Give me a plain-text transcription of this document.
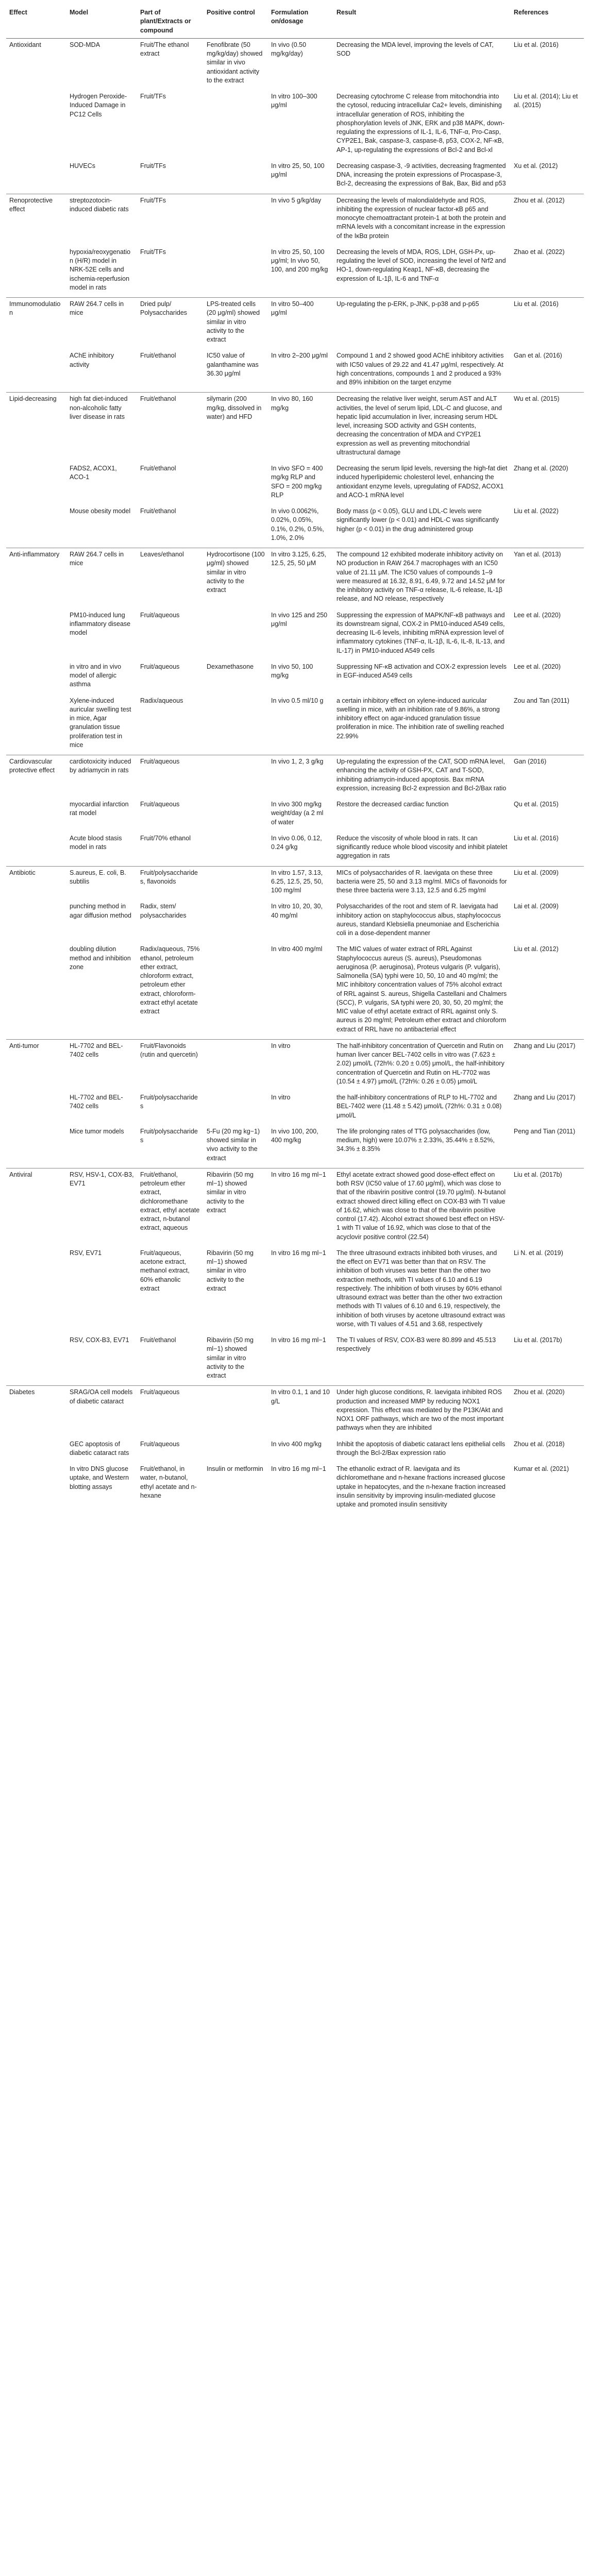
Effect	Model	Part of plant/Extracts or compound	Positive control	Formulation on/dosage	Result	References
Antioxidant	SOD-MDA	Fruit/The ethanol extract	Fenofibrate (50 mg/kg/day) showed similar in vivo antioxidant activity to the extract	In vivo (0.50 mg/kg/day)	Decreasing the MDA level, improving the levels of CAT, SOD	Liu et al. (2016)
	Hydrogen Peroxide-Induced Damage in PC12 Cells	Fruit/TFs		In vitro 100–300 μg/ml	Decreasing cytochrome C release from mitochondria into the cytosol, reducing intracellular Ca2+ levels, diminishing intracellular generation of ROS, inhibiting the phosphorylation levels of JNK, ERK and p38 MAPK, down-regulating the expressions of IL-1, IL-6, TNF-α, Pro-Casp, CYP2E1, Bak, caspase-3, caspase-8, p53, COX-2, NF-κB, AP-1, up-regulating the expressions of Bcl-2 and Bcl-xl	Liu et al. (2014); Liu et al. (2015)
	HUVECs	Fruit/TFs		In vitro 25, 50, 100 μg/ml	Decreasing caspase-3, -9 activities, decreasing fragmented DNA, increasing the protein expressions of Procaspase-3, Bcl-2, decreasing the expressions of Bak, Bax, Bid and p53	Xu et al. (2012)
Renoprotective effect	streptozotocin-induced diabetic rats	Fruit/TFs		In vivo 5 g/kg/day	Decreasing the levels of malondialdehyde and ROS, inhibiting the expression of nuclear factor-κB p65 and monocyte chemoattractant protein-1 at both the protein and mRNA levels with a concomitant increase in the expression of the IκBα protein	Zhou et al. (2012)
	hypoxia/reoxygenation (H/R) model in NRK-52E cells and ischemia-reperfusion model in rats	Fruit/TFs		In vitro 25, 50, 100 μg/ml; In vivo 50, 100, and 200 mg/kg	Decreasing the levels of MDA, ROS, LDH, GSH-Px, up-regulating the level of SOD, increasing the level of Nrf2 and HO-1, down-regulating Keap1, NF-κB, decreasing the expression of IL-1β, IL-6 and TNF-α	Zhao et al. (2022)
Immunomodulation	RAW 264.7 cells in mice	Dried pulp/ Polysaccharides	LPS-treated cells (20 μg/ml) showed similar in vitro activity to the extract	In vitro 50–400 μg/ml	Up-regulating the p-ERK, p-JNK, p-p38 and p-p65	Liu et al. (2016)
	AChE inhibitory activity	Fruit/ethanol	IC50 value of galanthamine was 36.30 μg/ml	In vitro 2–200 μg/ml	Compound 1 and 2 showed good AChE inhibitory activities with IC50 values of 29.22 and 41.47 μg/ml, respectively. At high concentrations, compounds 1 and 2 produced a 93% and 89% inhibition on the target enzyme	Gan et al. (2016)
Lipid-decreasing	high fat diet-induced non-alcoholic fatty liver disease in rats	Fruit/ethanol	silymarin (200 mg/kg, dissolved in water) and HFD	In vivo 80, 160 mg/kg	Decreasing the relative liver weight, serum AST and ALT activities, the level of serum lipid, LDL-C and glucose, and hepatic lipid accumulation in liver, increasing serum HDL level, increasing SOD activity and GSH contents, decreasing the concentration of MDA and CYP2E1 expression as well as preventing mitochondrial ultrastructural damage	Wu et al. (2015)
	FADS2, ACOX1, ACO-1	Fruit/ethanol		In vivo SFO = 400 mg/kg RLP and SFO = 200 mg/kg RLP	Decreasing the serum lipid levels, reversing the high-fat diet induced hyperlipidemic cholesterol level, enhancing the antioxidant enzyme levels, upregulating of FADS2, ACOX1 and ACO-1 mRNA level	Zhang et al. (2020)
	Mouse obesity model	Fruit/ethanol		In vivo 0.0062%, 0.02%, 0.05%, 0.1%, 0.2%, 0.5%, 1.0%, 2.0%	Body mass (p < 0.05), GLU and LDL-C levels were significantly lower (p < 0.01) and HDL-C was significantly higher (p < 0.01) in the drug administered group	Liu et al. (2022)
Anti-inflammatory	RAW 264.7 cells in mice	Leaves/ethanol	Hydrocortisone (100 μg/ml) showed similar in vitro activity to the extract	In vitro 3.125, 6.25, 12.5, 25, 50 μM	The compound 12 exhibited moderate inhibitory activity on NO production in RAW 264.7 macrophages with an IC50 value of 21.11 μM. The IC50 values of compounds 1–9 were measured at 16.32, 8.91, 6.49, 9.72 and 14.52 μM for the inhibitory activity on TNF-α release, IL-6 release, IL-1β release, and NO release, respectively	Yan et al. (2013)
	PM10-induced lung inflammatory disease model	Fruit/aqueous		In vivo 125 and 250 μg/ml	Suppressing the expression of MAPK/NF-κB pathways and its downstream signal, COX-2 in PM10-induced A549 cells, decreasing IL-6 levels, inhibiting mRNA expression level of inflammatory cytokines (TNF-α, IL-1β, IL-6, IL-8, IL-13, and IL-17) in PM10-induced A549 cells	Lee et al. (2020)
	in vitro and in vivo model of allergic asthma	Fruit/aqueous	Dexamethasone	In vivo 50, 100 mg/kg	Suppressing NF-κB activation and COX-2 expression levels in EGF-induced A549 cells	Lee et al. (2020)
	Xylene-induced auricular swelling test in mice, Agar granulation tissue proliferation test in mice	Radix/aqueous		In vivo 0.5 ml/10 g	a certain inhibitory effect on xylene-induced auricular swelling in mice, with an inhibition rate of 9.86%, a strong inhibitory effect on agar-induced granulation tissue proliferation in mice. The inhibition rate of swelling reached 22.99%	Zou and Tan (2011)
Cardiovascular protective effect	cardiotoxicity induced by adriamycin in rats	Fruit/aqueous		In vivo 1, 2, 3 g/kg	Up-regulating the expression of the CAT, SOD mRNA level, enhancing the activity of GSH-PX, CAT and T-SOD, inhibiting adriamycin-induced apoptosis. Bax mRNA expression, increasing Bcl-2 expression and Bcl-2/Bax ratio	Gan (2016)
	myocardial infarction rat model	Fruit/aqueous		In vivo 300 mg/kg weight/day (a 2 ml of water	Restore the decreased cardiac function	Qu et al. (2015)
	Acute blood stasis model in rats	Fruit/70% ethanol		In vivo 0.06, 0.12, 0.24 g/kg	Reduce the viscosity of whole blood in rats. It can significantly reduce whole blood viscosity and inhibit platelet aggregation in rats	Liu et al. (2016)
Antibiotic	S.aureus, E. coli, B. subtilis	Fruit/polysaccharides, flavonoids		In vitro 1.57, 3.13, 6.25, 12.5, 25, 50, 100 mg/ml	MICs of polysaccharides of R. laevigata on these three bacteria were 25, 50 and 3.13 mg/ml. MICs of flavonoids for these three bacteria were 3.13, 12.5 and 6.25 mg/ml	Liu et al. (2009)
	punching method in agar diffusion method	Radix, stem/ polysaccharides		In vitro 10, 20, 30, 40 mg/ml	Polysaccharides of the root and stem of R. laevigata had inhibitory action on staphylococcus albus, staphylococcus aureus, standard Klebsiella pneumoniae and Escherichia coli in a dose-dependent manner	Lai et al. (2009)
	doubling dilution method and inhibition zone	Radix/aqueous, 75% ethanol, petroleum ether extract, chloroform extract, petroleum ether extract, chloroform-extract ethyl acetate extract		In vitro 400 mg/ml	The MIC values of water extract of RRL Against Staphylococcus aureus (S. aureus), Pseudomonas aeruginosa (P. aeruginosa), Proteus vulgaris (P. vulgaris), Salmonella (SA) typhi were 10, 50, 10 and 40 mg/ml; the MIC inhibitory concentration values of 75% alcohol extract of RRL against S. aureus, Shigella Castellani and Chalmers (SCC), P. vulgaris, SA typhi were 20, 30, 50, 20 mg/ml; the MIC value of ethyl acetate extract of RRL against only S. aureus is 20 mg/ml; Petroleum ether extract and chloroform extract of RRL have no antibacterial effect	Liu et al. (2012)
Anti-tumor	HL-7702 and BEL-7402 cells	Fruit/Flavonoids (rutin and quercetin)		In vitro	The half-inhibitory concentration of Quercetin and Rutin on human liver cancer BEL-7402 cells in vitro was (7.623 ± 2.02) μmol/L (72h%: 0.20 ± 0.05) μmol/L, the half-inhibitory concentration of Quercetin and Rutin on HL-7702 was (10.54 ± 4.97) μmol/L (72h%: 0.26 ± 0.05) μmol/L	Zhang and Liu (2017)
	HL-7702 and BEL-7402 cells	Fruit/polysaccharides		In vitro	the half-inhibitory concentrations of RLP to HL-7702 and BEL-7402 were (11.48 ± 5.42) μmol/L (72h%: 0.31 ± 0.08) μmol/L	Zhang and Liu (2017)
	Mice tumor models	Fruit/polysaccharides	5-Fu (20 mg kg−1) showed similar in vivo activity to the extract	In vivo 100, 200, 400 mg/kg	The life prolonging rates of TTG polysaccharides (low, medium, high) were 10.07% ± 2.33%, 35.44% ± 8.52%, 34.3% ± 8.35%	Peng and Tian (2011)
Antiviral	RSV, HSV-1, COX-B3, EV71	Fruit/ethanol, petroleum ether extract, dichloromethane extract, ethyl acetate extract, n-butanol extract, aqueous	Ribavirin (50 mg ml−1) showed similar in vitro activity to the extract	In vitro 16 mg ml−1	Ethyl acetate extract showed good dose-effect effect on both RSV (IC50 value of 17.60 μg/ml), which was close to that of the ribavirin positive control (19.70 μg/ml). N-butanol extract showed direct killing effect on COX-B3 with TI value of 16.62, which was close to that of the ribavirin positive control (17.42). Alcohol extract showed best effect on HSV-1 with TI value of 16.92, which was close to that of the acyclovir positive control (22.54)	Liu et al. (2017b)
	RSV, EV71	Fruit/aqueous, acetone extract, methanol extract, 60% ethanolic extract	Ribavirin (50 mg ml−1) showed similar in vitro activity to the extract	In vitro 16 mg ml−1	The three ultrasound extracts inhibited both viruses, and the effect on EV71 was better than that on RSV. The inhibition of both viruses was better than the other two extraction methods, with TI values of 6.10 and 6.19 respectively. The inhibition of both viruses by 60% ethanol ultrasound extract was better than the other two extraction methods with TI values of 6.10 and 6.19, respectively, the inhibition of both viruses by acetone ultrasound extract was worse, with TI values of 4.51 and 3.68, respectively	Li N. et al. (2019)
	RSV, COX-B3, EV71	Fruit/ethanol	Ribavirin (50 mg ml−1) showed similar in vitro activity to the extract	In vitro 16 mg ml−1	The TI values of RSV, COX-B3 were 80.899 and 45.513 respectively	Liu et al. (2017b)
Diabetes	SRAG/OA cell models of diabetic cataract	Fruit/aqueous		In vitro 0.1, 1 and 10 g/L	Under high glucose conditions, R. laevigata inhibited ROS production and increased MMP by reducing NOX1 expression. This effect was mediated by the P13K/Akt and NOX1 ORF pathways, which are two of the most important pathways when they are inhibited	Zhou et al. (2020)
	GEC apoptosis of diabetic cataract rats	Fruit/aqueous		In vivo 400 mg/kg	Inhibit the apoptosis of diabetic cataract lens epithelial cells through the Bcl-2/Bax expression ratio	Zhou et al. (2018)
	In vitro DNS glucose uptake, and Western blotting assays	Fruit/ethanol, in water, n-butanol, ethyl acetate and n-hexane	Insulin or metformin	In vitro 16 mg ml−1	The ethanolic extract of R. laevigata and its dichloromethane and n-hexane fractions increased glucose uptake in hepatocytes, and the n-hexane fraction increased insulin sensitivity by improving insulin-mediated glucose uptake and promoted insulin sensitivity	Kumar et al. (2021)
